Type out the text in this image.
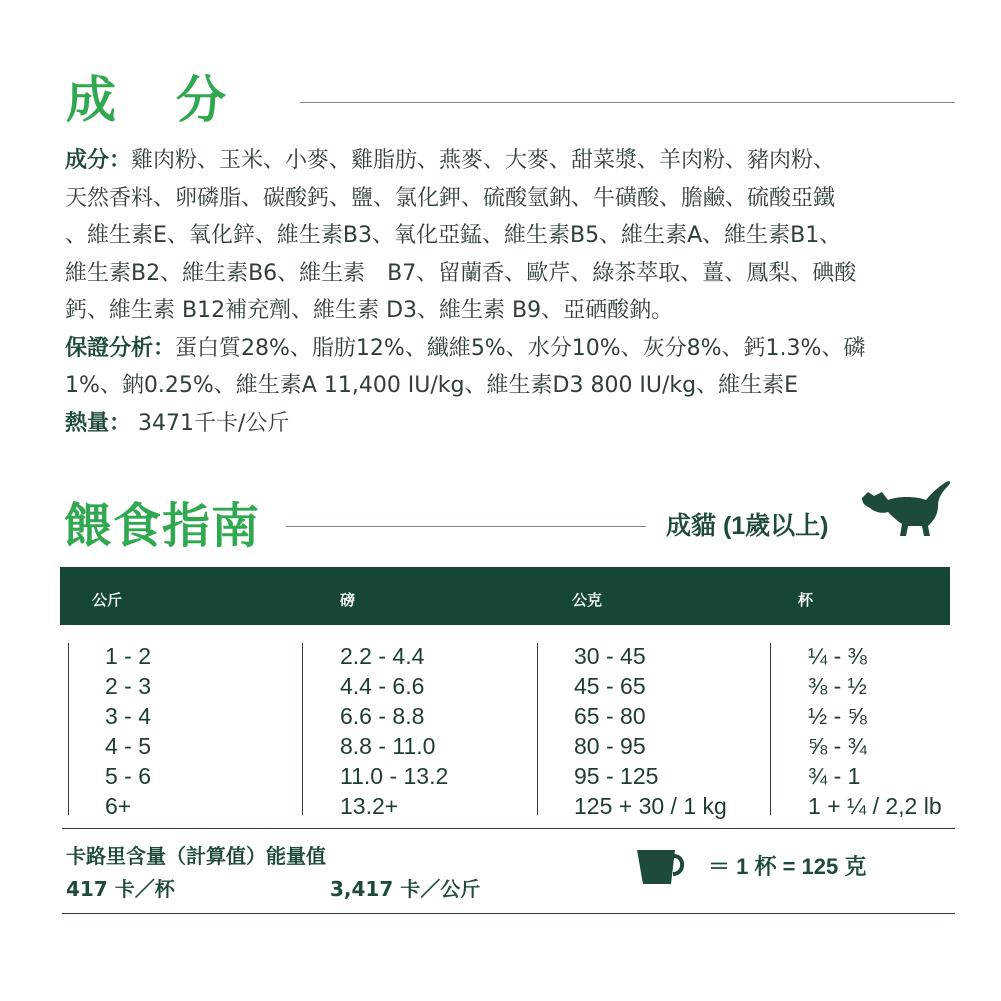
成分
成分：雞肉粉、玉米、小麥、雞脂肪、燕麥、大麥、甜菜漿、羊肉粉、豬肉粉、
天然香料、卵磷脂、碳酸鈣、鹽、氯化鉀、硫酸氫鈉、牛磺酸、膽鹼、硫酸亞鐵
、維生素E、氧化鋅、維生素B3、氧化亞錳、維生素B5、維生素A、維生素B1、
維生素B2、維生素B6、維生素　B7、留蘭香、歐芹、綠茶萃取、薑、鳳梨、碘酸
鈣、維生素 B12補充劑、維生素 D3、維生素 B9、亞硒酸鈉。
保證分析：蛋白質28%、脂肪12%、纖維5%、水分10%、灰分8%、鈣1.3%、磷
1%、鈉0.25%、維生素A 11,400 IU/kg、維生素D3 800 IU/kg、維生素E
熱量： 3471千卡/公斤
餵食指南	成貓 (1歲以上)
公斤	磅	公克	杯
1 - 2	2.2 - 4.4	30 - 45	¼ - ⅜
2 - 3	4.4 - 6.6	45 - 65	⅜ - ½
3 - 4	6.6 - 8.8	65 - 80	½ - ⅝
4 - 5	8.8 - 11.0	80 - 95	⅝ - ¾
5 - 6	11.0 - 13.2	95 - 125	¾ - 1
6+	13.2+	125 + 30 / 1 kg	1 + ¼ / 2,2 lb
卡路里含量（計算值）能量值
417 卡／杯	3,417 卡／公斤
＝ 1 杯 = 125 克
